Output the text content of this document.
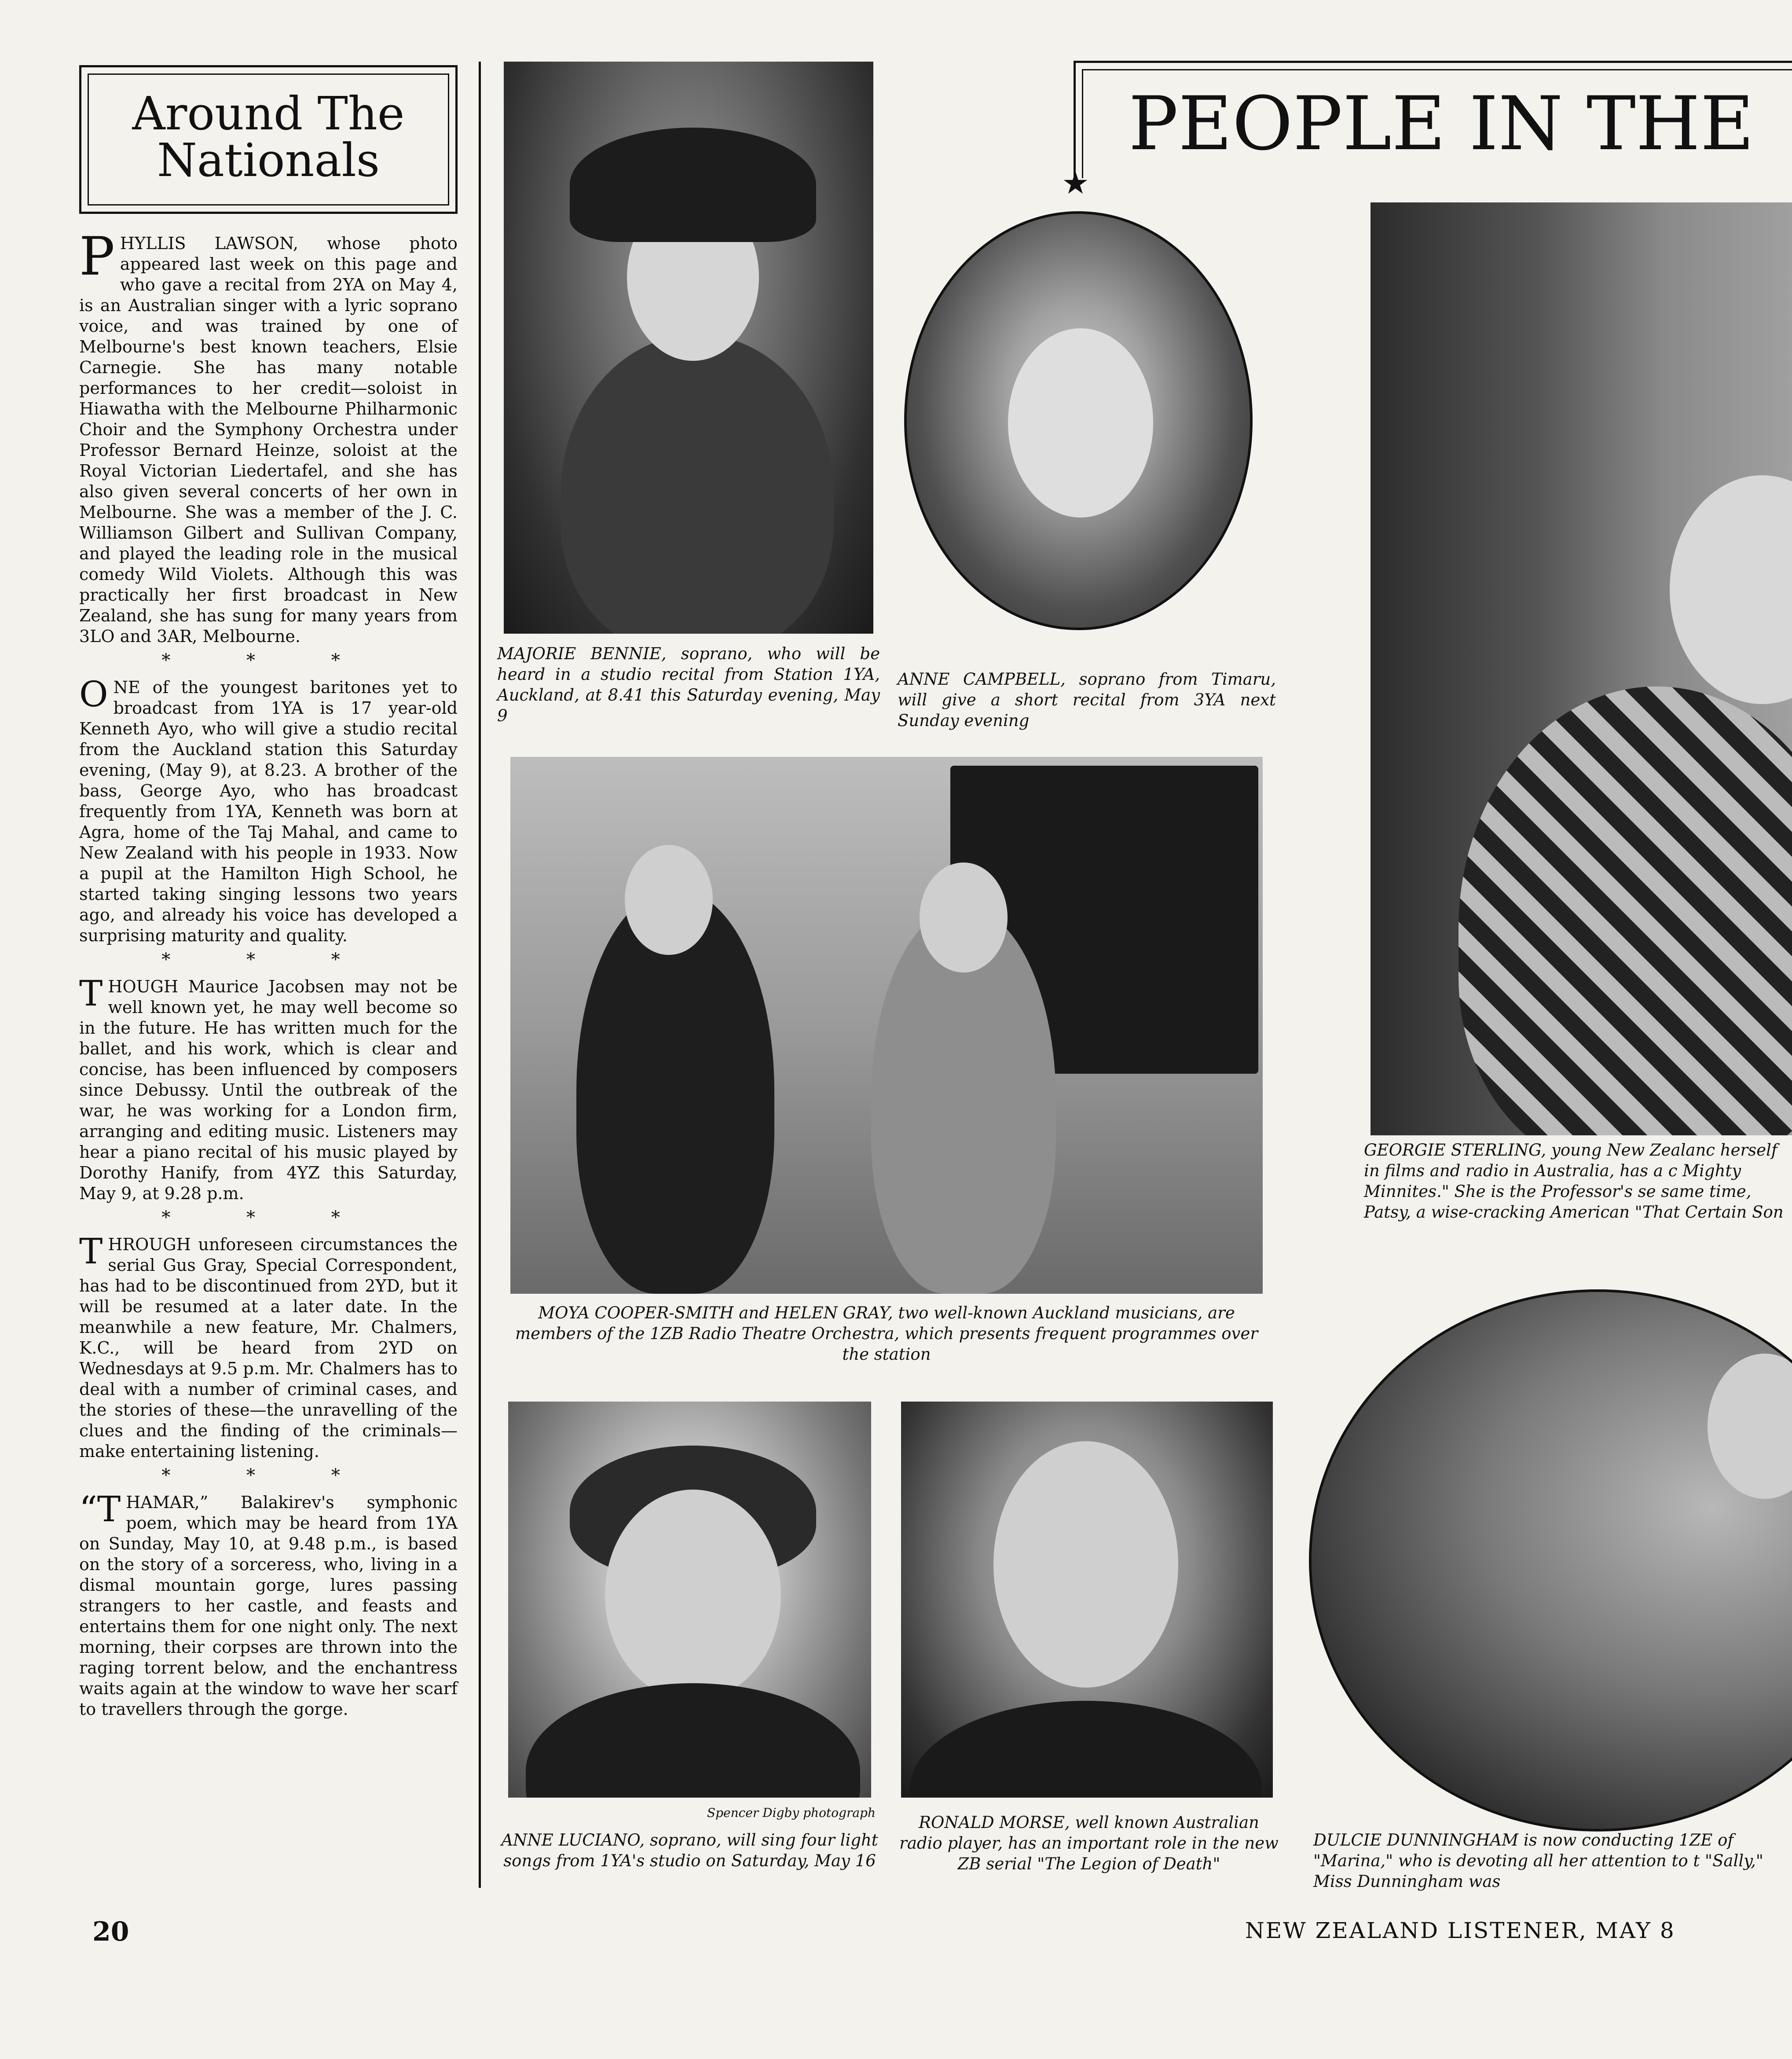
Around The
Nationals
P HYLLIS LAWSON, whose photo appeared last week on this page and who gave a recital from 2YA on May 4, is an Australian singer with a lyric soprano voice, and was trained by one of Melbourne's best known teachers, Elsie Carnegie. She has many notable performances to her credit—soloist in Hiawatha with the Melbourne Philharmonic Choir and the Symphony Orchestra under Professor Bernard Heinze, soloist at the Royal Victorian Liedertafel, and she has also given several concerts of her own in Melbourne. She was a member of the J. C. Williamson Gilbert and Sullivan Company, and played the leading role in the musical comedy Wild Violets. Although this was practically her first broadcast in New Zealand, she has sung for many years from 3LO and 3AR, Melbourne.

* * *
O NE of the youngest baritones yet to broadcast from 1YA is 17 year-old Kenneth Ayo, who will give a studio recital from the Auckland station this Saturday evening, (May 9), at 8.23. A brother of the bass, George Ayo, who has broadcast frequently from 1YA, Kenneth was born at Agra, home of the Taj Mahal, and came to New Zealand with his people in 1933. Now a pupil at the Hamilton High School, he started taking singing lessons two years ago, and already his voice has developed a surprising maturity and quality.

* * *
T HOUGH Maurice Jacobsen may not be well known yet, he may well become so in the future. He has written much for the ballet, and his work, which is clear and concise, has been influenced by composers since Debussy. Until the outbreak of the war, he was working for a London firm, arranging and editing music. Listeners may hear a piano recital of his music played by Dorothy Hanify, from 4YZ this Saturday, May 9, at 9.28 p.m.

* * *
T HROUGH unforeseen circumstances the serial Gus Gray, Special Correspondent, has had to be discontinued from 2YD, but it will be resumed at a later date. In the meanwhile a new feature, Mr. Chalmers, K.C., will be heard from 2YD on Wednesdays at 9.5 p.m. Mr. Chalmers has to deal with a number of criminal cases, and the stories of these—the unravelling of the clues and the finding of the criminals—make entertaining listening.

* * *
“T HAMAR,” Balakirev's symphonic poem, which may be heard from 1YA on Sunday, May 10, at 9.48 p.m., is based on the story of a sorceress, who, living in a dismal mountain gorge, lures passing strangers to her castle, and feasts and entertains them for one night only. The next morning, their corpses are thrown into the raging torrent below, and the enchantress waits again at the window to wave her scarf to travellers through the gorge.

PEOPLE IN THE
★
MAJORIE BENNIE, soprano, who will be heard in a studio recital from Station 1YA, Auckland, at 8.41 this Saturday evening, May 9
ANNE CAMPBELL, soprano from Timaru, will give a short recital from 3YA next Sunday evening
GEORGIE STERLING, young New Zealanc herself in films and radio in Australia, has a c Mighty Minnites." She is the Professor's se same time, Patsy, a wise-cracking American "That Certain Son
MOYA COOPER-SMITH and HELEN GRAY, two well-known Auckland musicians, are members of the 1ZB Radio Theatre Orchestra, which presents frequent programmes over the station
DULCIE DUNNINGHAM is now conducting 1ZE of "Marina," who is devoting all her attention to t "Sally," Miss Dunningham was
Spencer Digby photograph
ANNE LUCIANO, soprano, will sing four light songs from 1YA's studio on Saturday, May 16
RONALD MORSE, well known Australian radio player, has an important role in the new ZB serial "The Legion of Death"
20	NEW ZEALAND LISTENER, MAY 8
